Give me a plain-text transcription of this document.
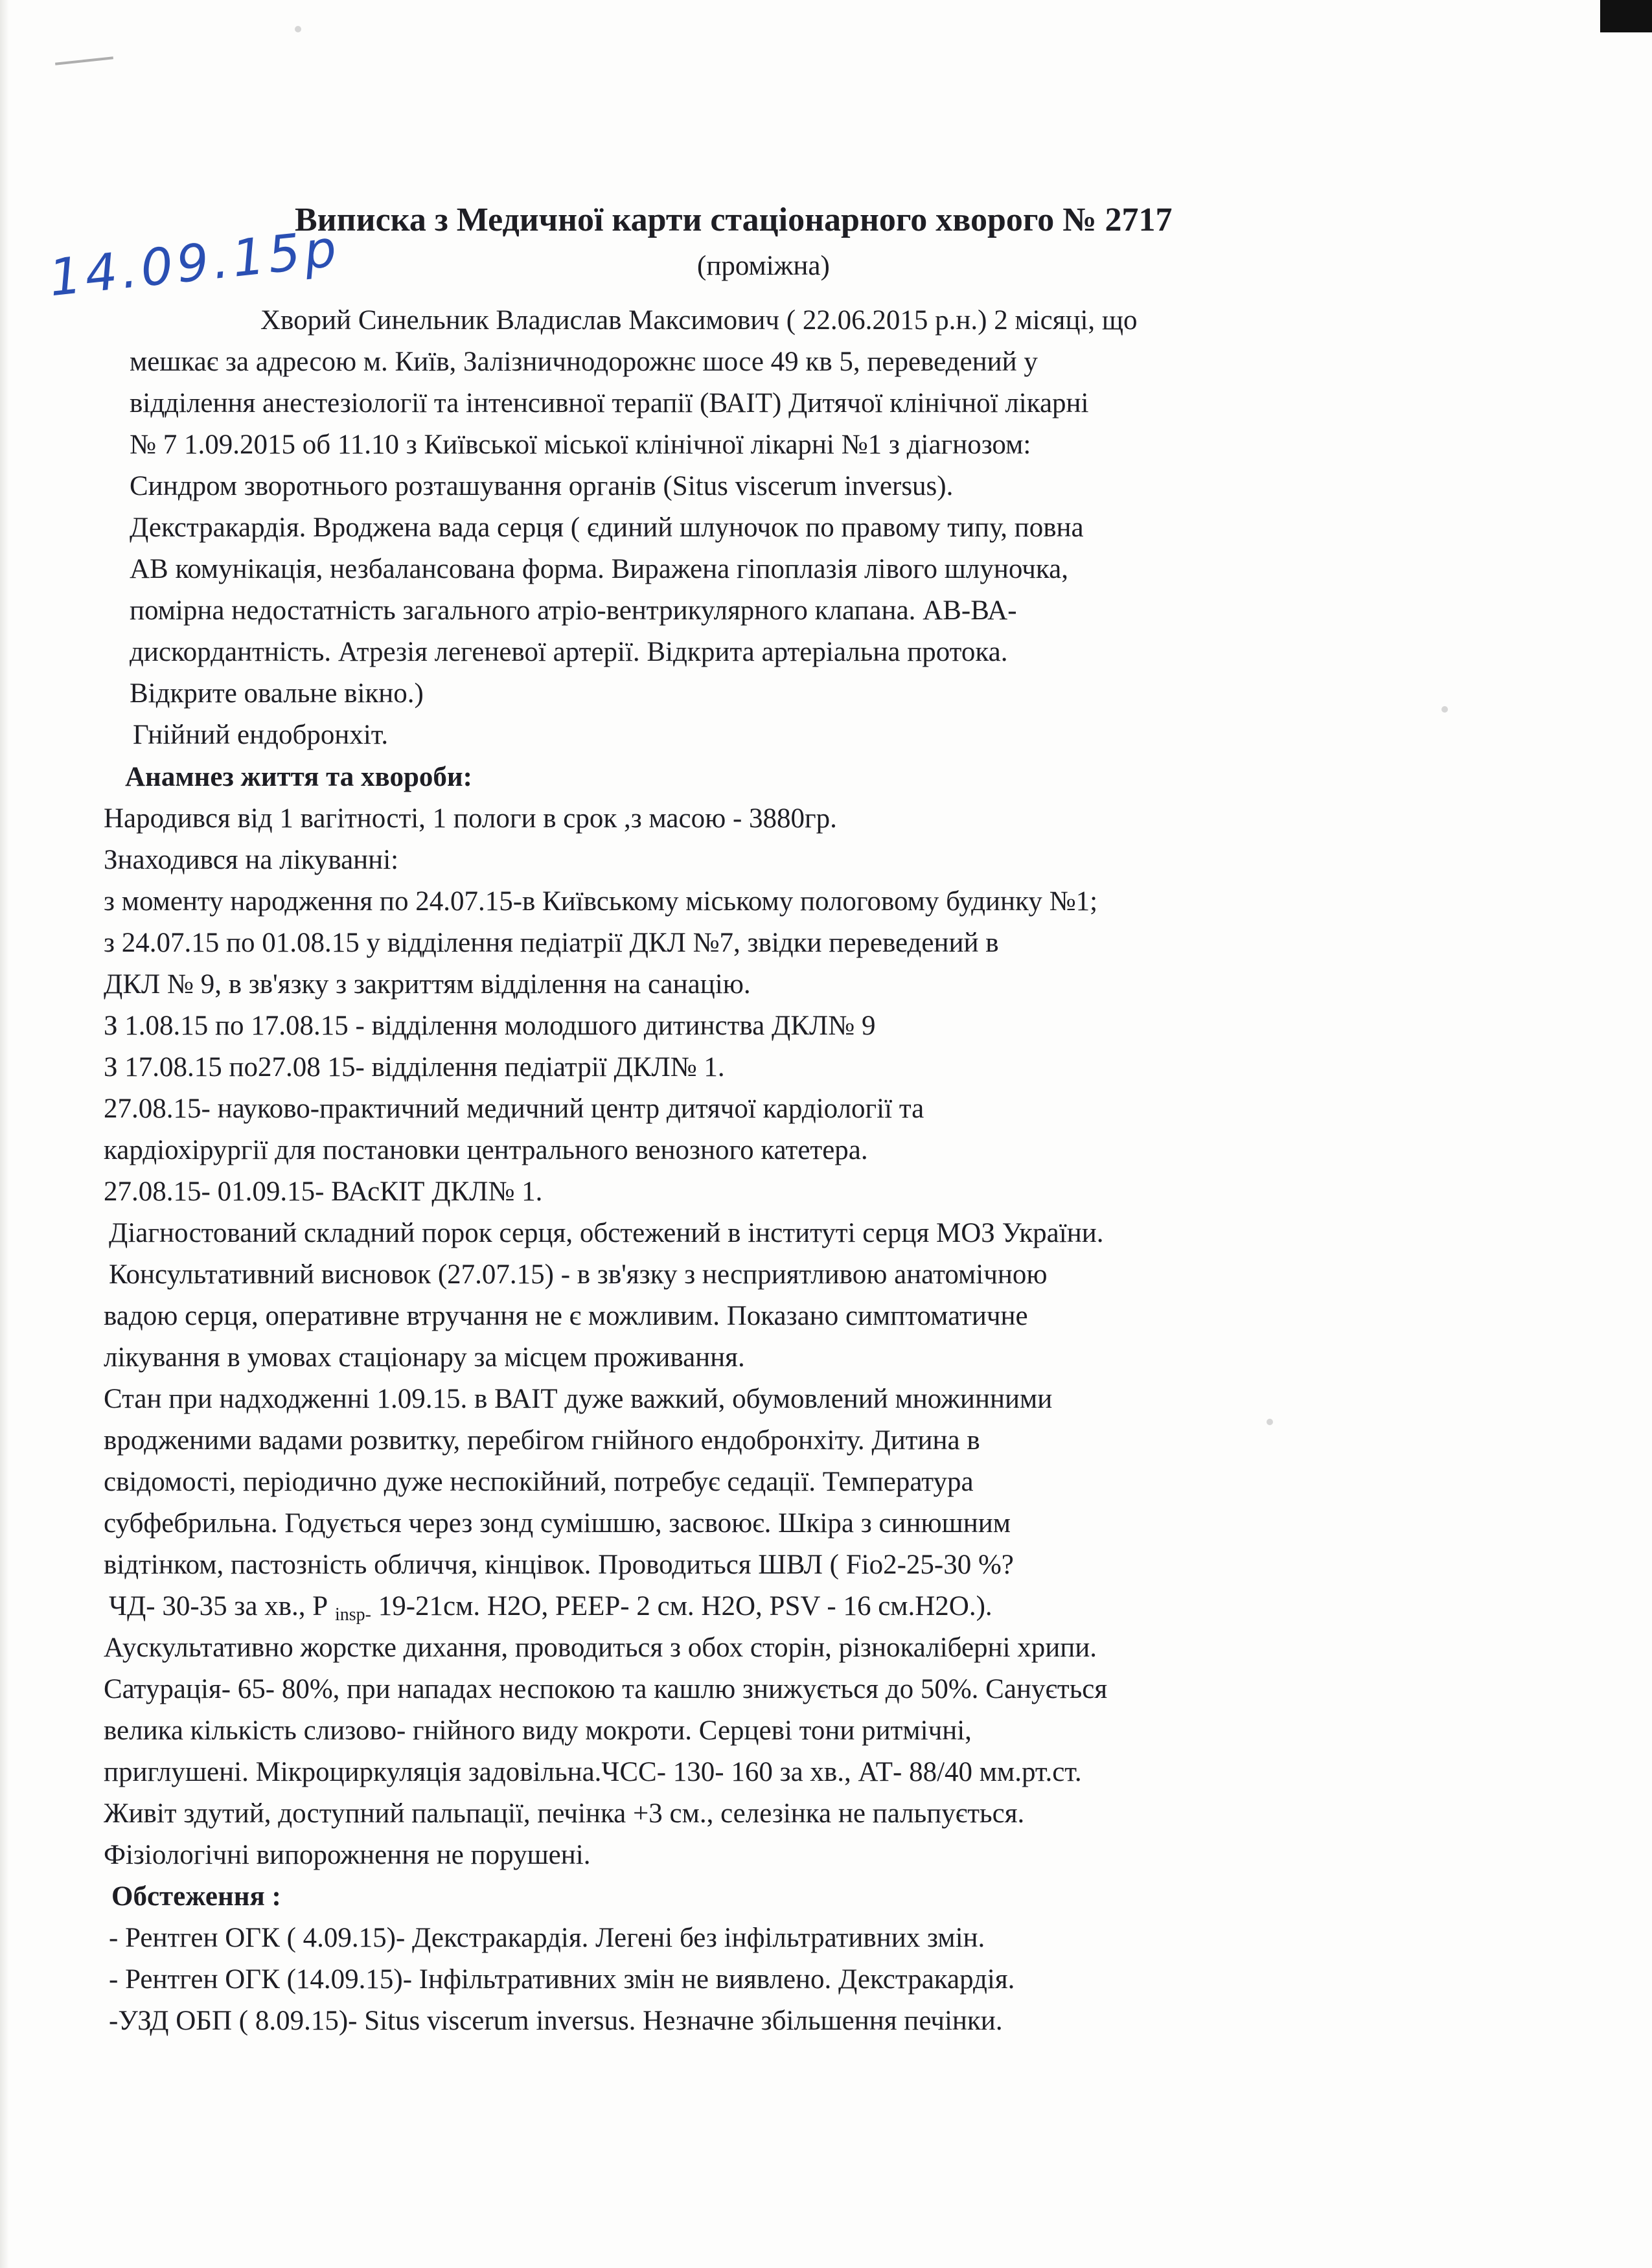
14.09.15р
Виписка з Медичної карти стаціонарного хворого № 2717
(проміжна)
Хворий Синельник Владислав Максимович ( 22.06.2015 р.н.) 2 місяці, що
мешкає за адресою м. Київ, Залізничнодорожнє шосе 49 кв 5, переведений у
відділення анестезіології та інтенсивної терапії (ВАІТ) Дитячої клінічної лікарні
№ 7 1.09.2015 об 11.10 з Київської міської клінічної лікарні №1 з діагнозом:
Синдром зворотнього розташування органів (Situs viscerum inversus).
Декстракардія. Вроджена вада серця ( єдиний шлуночок по правому типу, повна
АВ комунікація, незбалансована форма. Виражена гіпоплазія лівого шлуночка,
помірна недостатність загального атріо-вентрикулярного клапана. АВ-ВА-
дискордантність. Атрезія легеневої артерії. Відкрита артеріальна протока.
Відкрите овальне вікно.)
Гнійний ендобронхіт.
Анамнез життя та хвороби:
Народився від 1 вагітності, 1 пологи в срок ,з масою - 3880гр.
Знаходився на лікуванні:
з моменту народження по 24.07.15-в Київському міському пологовому будинку №1;
з 24.07.15 по 01.08.15 у відділення педіатрії ДКЛ №7, звідки переведений в
ДКЛ № 9, в зв'язку з закриттям відділення на санацію.
З 1.08.15 по 17.08.15 - відділення молодшого дитинства ДКЛ№ 9
З 17.08.15 по27.08 15- відділення педіатрії ДКЛ№ 1.
27.08.15- науково-практичний медичний центр дитячої кардіології та
кардіохірургії для постановки центрального венозного катетера.
27.08.15- 01.09.15- ВАсКІТ ДКЛ№ 1.
Діагностований складний порок серця, обстежений в інституті серця МОЗ України.
Консультативний висновок (27.07.15) - в зв'язку з несприятливою анатомічною
вадою серця, оперативне втручання не є можливим. Показано симптоматичне
лікування в умовах стаціонару за місцем проживання.
Стан при надходженні 1.09.15. в ВАІТ дуже важкий, обумовлений множинними
вродженими вадами розвитку, перебігом гнійного ендобронхіту. Дитина в
свідомості, періодично дуже неспокійний, потребує седації. Температура
субфебрильна. Годується через зонд сумішшю, засвоює. Шкіра з синюшним
відтінком, пастозність обличчя, кінцівок. Проводиться ШВЛ ( Fio2-25-30 %?
ЧД- 30-35 за хв., Р $_{insp-}$ 19-21см. Н2О, РЕЕР- 2 см. Н2О, PSV - 16 см.Н2О.).
Аускультативно жорстке дихання, проводиться з обох сторін, різнокаліберні хрипи.
Сатурація- 65- 80%, при нападах неспокою та кашлю знижується до 50%. Санується
велика кількість слизово- гнійного виду мокроти. Серцеві тони ритмічні,
приглушені. Мікроциркуляція задовільна.ЧСС- 130- 160 за хв., АТ- 88/40 мм.рт.ст.
Живіт здутий, доступний пальпації, печінка +3 см., селезінка не пальпується.
Фізіологічні випорожнення не порушені.
Обстеження :
- Рентген ОГК ( 4.09.15)- Декстракардія. Легені без інфільтративних змін.
- Рентген ОГК (14.09.15)- Інфільтративних змін не виявлено. Декстракардія.
-УЗД ОБП ( 8.09.15)- Situs viscerum inversus. Незначне збільшення печінки.
